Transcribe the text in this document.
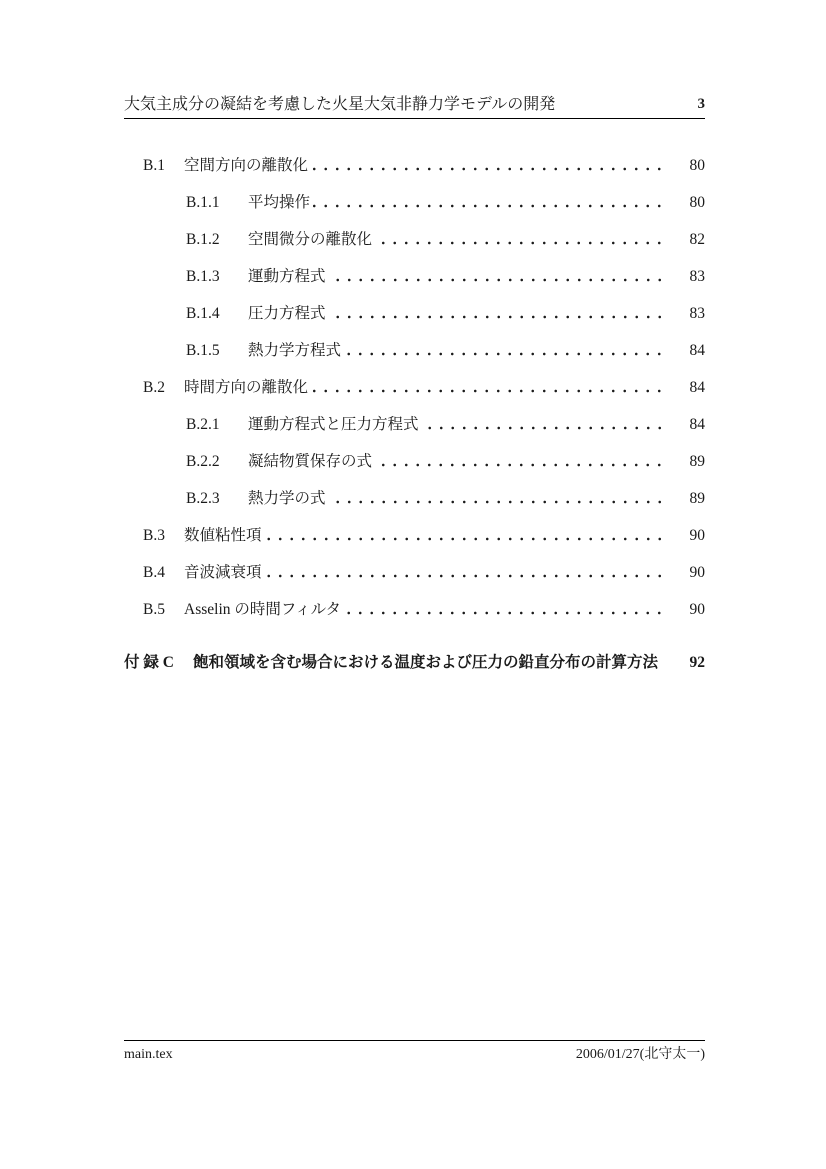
大気主成分の凝結を考慮した火星大気非静力学モデルの開発	3
B.1	空間方向の離散化	80
B.1.1	平均操作	80
B.1.2	空間微分の離散化	82
B.1.3	運動方程式	83
B.1.4	圧力方程式	83
B.1.5	熱力学方程式	84
B.2	時間方向の離散化	84
B.2.1	運動方程式と圧力方程式	84
B.2.2	凝結物質保存の式	89
B.2.3	熱力学の式	89
B.3	数値粘性項	90
B.4	音波減衰項	90
B.5	Asselin の時間フィルタ	90
付 録 C	飽和領域を含む場合における温度および圧力の鉛直分布の計算方法 92
main.tex	2006/01/27(北守太一)
